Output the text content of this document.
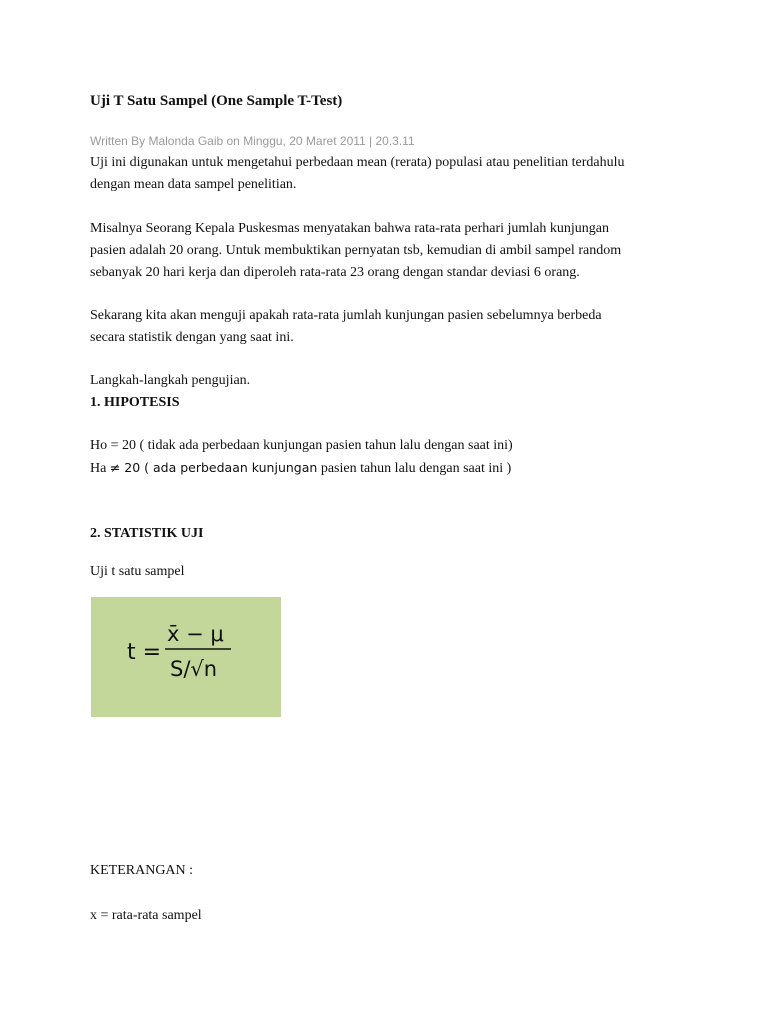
Uji T Satu Sampel (One Sample T-Test)
Written By Malonda Gaib on Minggu, 20 Maret 2011 | 20.3.11
Uji ini digunakan untuk mengetahui perbedaan mean (rerata) populasi atau penelitian terdahulu
dengan mean data sampel penelitian.
Misalnya Seorang Kepala Puskesmas menyatakan bahwa rata-rata perhari jumlah kunjungan
pasien adalah 20 orang. Untuk membuktikan pernyatan tsb, kemudian di ambil sampel random
sebanyak 20 hari kerja dan diperoleh rata-rata 23 orang dengan standar deviasi 6 orang.
Sekarang kita akan menguji apakah rata-rata jumlah kunjungan pasien sebelumnya berbeda
secara statistik dengan yang saat ini.
Langkah-langkah pengujian.
1. HIPOTESIS
Ho = 20 ( tidak ada perbedaan kunjungan pasien tahun lalu dengan saat ini)
Ha ≠ 20 ( ada perbedaan kunjungan pasien tahun lalu dengan saat ini )
2. STATISTIK UJI
Uji t satu sampel
t =
x̄ − μ
S/√n
KETERANGAN :
x = rata-rata sampel
